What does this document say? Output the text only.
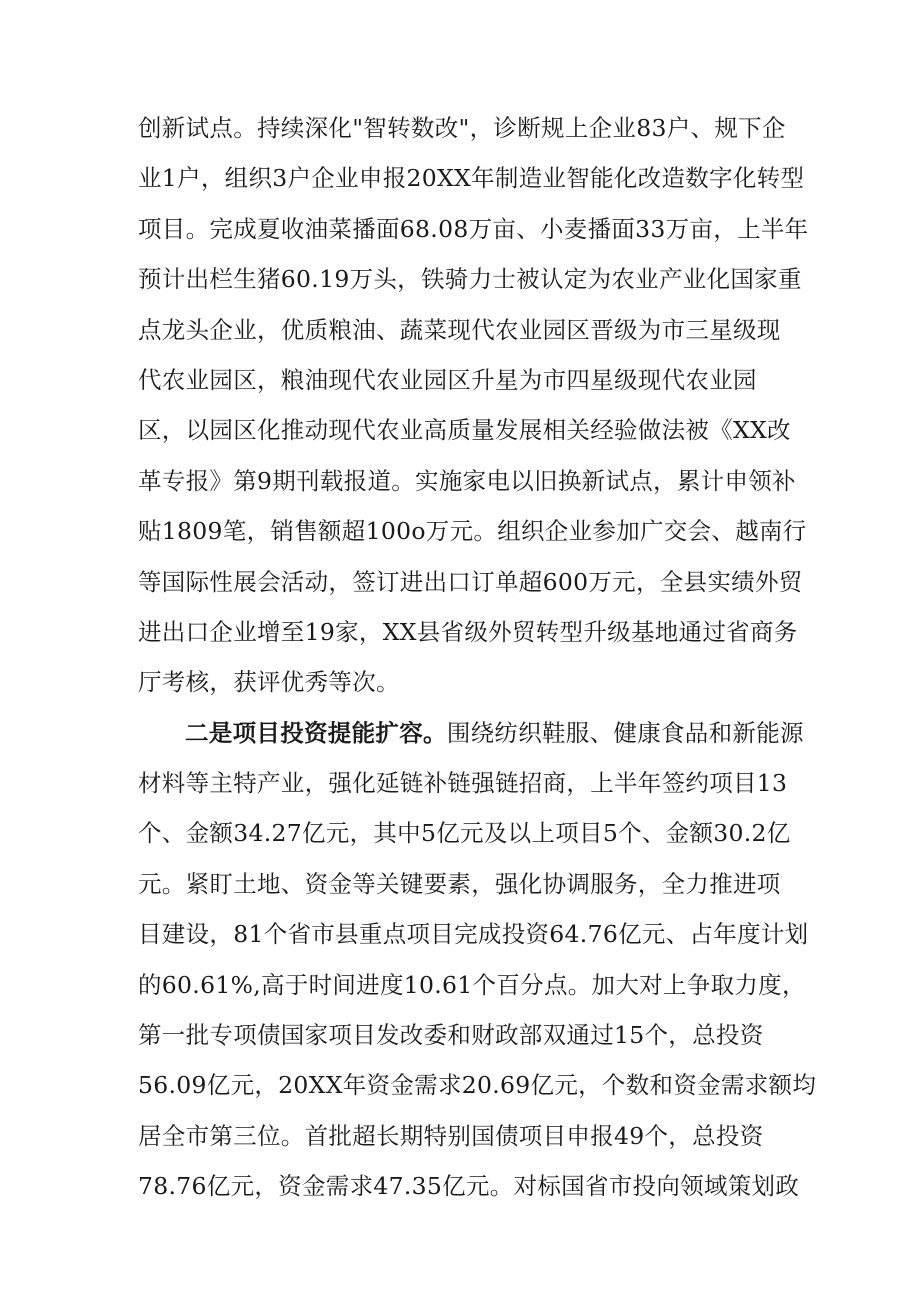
创新试点。持续深化"智转数改"，诊断规上企业83户、规下企
业1户，组织3户企业申报20XX年制造业智能化改造数字化转型
项目。完成夏收油菜播面68.08万亩、小麦播面33万亩，上半年
预计出栏生猪60.19万头，铁骑力士被认定为农业产业化国家重
点龙头企业，优质粮油、蔬菜现代农业园区晋级为市三星级现
代农业园区，粮油现代农业园区升星为市四星级现代农业园
区，以园区化推动现代农业高质量发展相关经验做法被《XX改
革专报》第9期刊载报道。实施家电以旧换新试点，累计申领补
贴1809笔，销售额超100o万元。组织企业参加广交会、越南行
等国际性展会活动，签订进出口订单超600万元，全县实绩外贸
进出口企业增至19家，XX县省级外贸转型升级基地通过省商务
厅考核，获评优秀等次。
二是项目投资提能扩容。围绕纺织鞋服、健康食品和新能源
材料等主特产业，强化延链补链强链招商，上半年签约项目13
个、金额34.27亿元，其中5亿元及以上项目5个、金额30.2亿
元。紧盯土地、资金等关键要素，强化协调服务，全力推进项
目建设，81个省市县重点项目完成投资64.76亿元、占年度计划
的60.61%,高于时间进度10.61个百分点。加大对上争取力度，
第一批专项债国家项目发改委和财政部双通过15个，总投资
56.09亿元，20XX年资金需求20.69亿元，个数和资金需求额均
居全市第三位。首批超长期特别国债项目申报49个，总投资
78.76亿元，资金需求47.35亿元。对标国省市投向领域策划政
